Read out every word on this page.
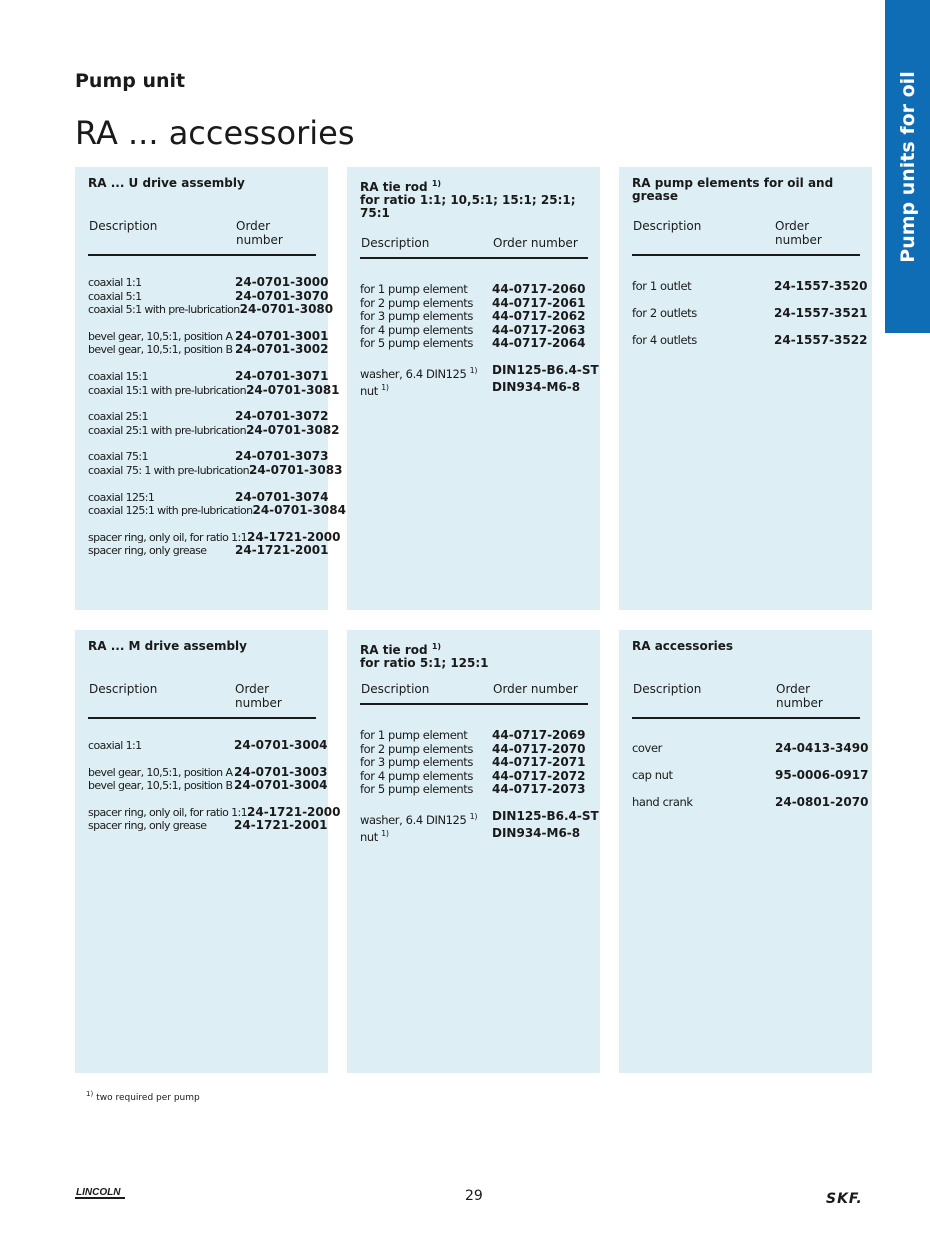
Pump units for oil
Pump unit
RA ... accessories
RA ... U drive assembly
Description	Order number
coaxial 1:1	24-0701-3000
coaxial 5:1	24-0701-3070
coaxial 5:1 with pre-lubrication 24-0701-3080
bevel gear, 10,5:1, position A 24-0701-3001
bevel gear, 10,5:1, position B 24-0701-3002
coaxial 15:1	24-0701-3071
coaxial 15:1 with pre-lubrication 24-0701-3081
coaxial 25:1	24-0701-3072
coaxial 25:1 with pre-lubrication 24-0701-3082
coaxial 75:1	24-0701-3073
coaxial 75: 1 with pre-lubrication 24-0701-3083
coaxial 125:1	24-0701-3074
coaxial 125:1 with pre-lubrication 24-0701-3084
spacer ring, only oil, for ratio 1:1 24-1721-2000
spacer ring, only grease	24-1721-2001
RA tie rod $^{1)}$
for ratio 1:1; 10,5:1; 15:1; 25:1; 75:1
Description	Order number
for 1 pump element	44-0717-2060
for 2 pump elements	44-0717-2061
for 3 pump elements	44-0717-2062
for 4 pump elements	44-0717-2063
for 5 pump elements	44-0717-2064
washer, 6.4 DIN125 $^{1)}$	DIN125-B6.4-ST
nut $^{1)}$	DIN934-M6-8
RA pump elements for oil and grease
Description	Order number
for 1 outlet	24-1557-3520
for 2 outlets	24-1557-3521
for 4 outlets	24-1557-3522
RA ... M drive assembly
Description	Order number
coaxial 1:1	24-0701-3004
bevel gear, 10,5:1, position A 24-0701-3003
bevel gear, 10,5:1, position B 24-0701-3004
spacer ring, only oil, for ratio 1:1 24-1721-2000
spacer ring, only grease	24-1721-2001
RA tie rod $^{1)}$
for ratio 5:1; 125:1
Description	Order number
for 1 pump element	44-0717-2069
for 2 pump elements	44-0717-2070
for 3 pump elements	44-0717-2071
for 4 pump elements	44-0717-2072
for 5 pump elements	44-0717-2073
washer, 6.4 DIN125 $^{1)}$	DIN125-B6.4-ST
nut $^{1)}$	DIN934-M6-8
RA accessories
Description	Order number
cover	24-0413-3490
cap nut	95-0006-0917
hand crank	24-0801-2070
$^{1)}$ two required per pump
LINCOLN	29	SKF.
